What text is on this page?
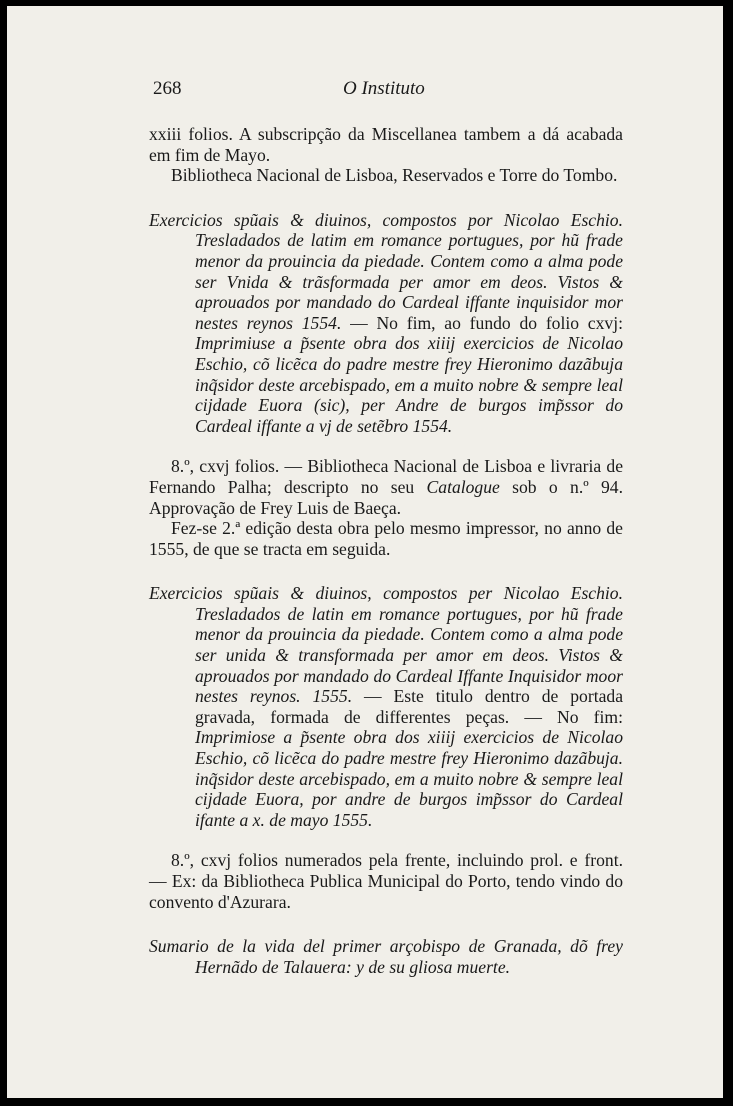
268	O Instituto

xxiii folios. A subscripção da Miscellanea tambem a dá acabada em fim de Mayo.

Bibliotheca Nacional de Lisboa, Reservados e Torre do Tombo.

Exercicios spũais & diuinos, compostos por Nicolao Eschio. Tresladados de latim em romance portugues, por hũ frade menor da prouincia da piedade. Contem como a alma pode ser Vnida & trãsformada per amor em deos. Vistos & aprouados por mandado do Cardeal iffante inquisidor mor nestes reynos 1554. — No fim, ao fundo do folio cxvj: Imprimiuse a p̃sente obra dos xiiij exercicios de Nicolao Eschio, cõ licẽca do padre mestre frey Hieronimo dazãbuja inq̃sidor deste arcebispado, em a muito nobre & sempre leal cijdade Euora (sic), per Andre de burgos imp̃ssor do Cardeal iffante a vj de setẽbro 1554.

8.º, cxvj folios. — Bibliotheca Nacional de Lisboa e livraria de Fernando Palha; descripto no seu Catalogue sob o n.º 94. Approvação de Frey Luis de Baeça.

Fez-se 2.ª edição desta obra pelo mesmo impressor, no anno de 1555, de que se tracta em seguida.

Exercicios spũais & diuinos, compostos per Nicolao Eschio. Tresladados de latin em romance portugues, por hũ frade menor da prouincia da piedade. Contem como a alma pode ser unida & transformada per amor em deos. Vistos & aprouados por mandado do Cardeal Iffante Inquisidor moor nestes reynos. 1555. — Este titulo dentro de portada gravada, formada de differentes peças. — No fim: Imprimiose a p̃sente obra dos xiiij exercicios de Nicolao Eschio, cõ licẽca do padre mestre frey Hieronimo dazãbuja. inq̃sidor deste arcebispado, em a muito nobre & sempre leal cijdade Euora, por andre de burgos imp̃ssor do Cardeal ifante a x. de mayo 1555.

8.º, cxvj folios numerados pela frente, incluindo prol. e front. — Ex: da Bibliotheca Publica Municipal do Porto, tendo vindo do convento d'Azurara.

Sumario de la vida del primer arçobispo de Granada, dõ frey Hernãdo de Talauera: y de su gliosa muerte.
